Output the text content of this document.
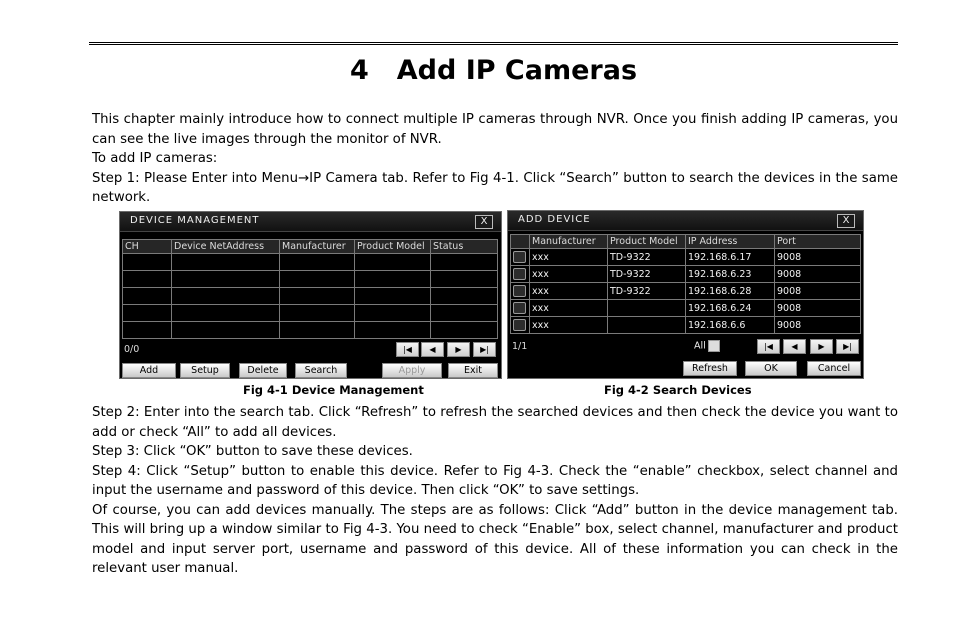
4 Add IP Cameras
This chapter mainly introduce how to connect multiple IP cameras through NVR. Once you finish adding IP cameras, you can see the live images through the monitor of NVR.
To add IP cameras:
Step 1: Please Enter into Menu→IP Camera tab. Refer to Fig 4-1. Click “Search” button to search the devices in the same network.
DEVICE MANAGEMENT	X
CH	Device NetAddress	Manufacturer	Product Model	Status

0/0	|◀	◀	▶	▶|
Add	Setup	Delete	Search	Apply	Exit
ADD DEVICE	X
	Manufacturer	Product Model	IP Address	Port
	xxx	TD-9322	192.168.6.17	9008
	xxx	TD-9322	192.168.6.23	9008
	xxx	TD-9322	192.168.6.28	9008
	xxx		192.168.6.24	9008
	xxx		192.168.6.6	9008
1/1	All	|◀	◀	▶	▶|
Refresh	OK	Cancel
Fig 4-1 Device Management	Fig 4-2 Search Devices
Step 2: Enter into the search tab. Click “Refresh” to refresh the searched devices and then check the device you want to add or check “All” to add all devices.
Step 3: Click “OK” button to save these devices.
Step 4: Click “Setup” button to enable this device. Refer to Fig 4-3. Check the “enable” checkbox, select channel and input the username and password of this device. Then click “OK” to save settings.
Of course, you can add devices manually. The steps are as follows: Click “Add” button in the device management tab. This will bring up a window similar to Fig 4-3. You need to check “Enable” box, select channel, manufacturer and product model and input server port, username and password of this device. All of these information you can check in the relevant user manual.
